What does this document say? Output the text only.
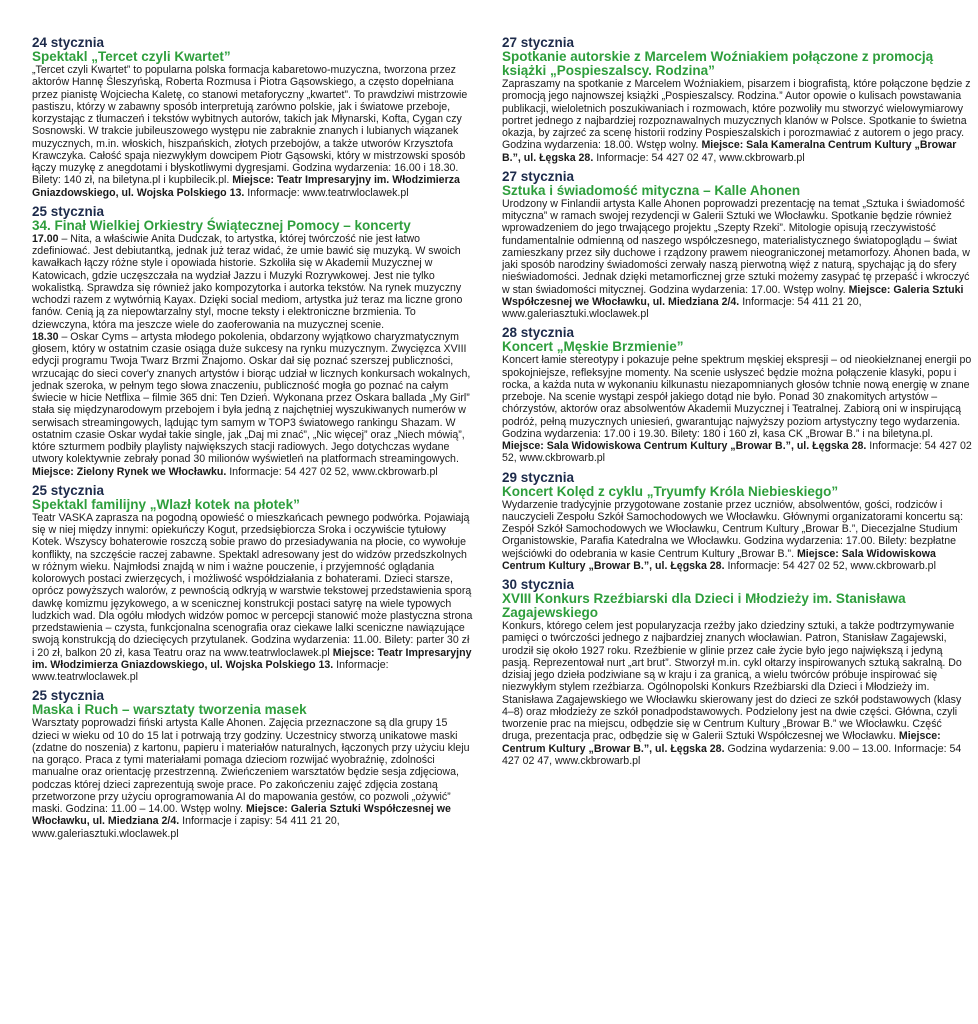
24 stycznia

Spektakl „Tercet czyli Kwartet”

„Tercet czyli Kwartet” to popularna polska formacja kabaretowo-muzyczna, tworzona przez aktorów Hannę Śleszyńską, Roberta Rozmusa i Piotra Gąsowskiego, a często dopełniana przez pianistę Wojciecha Kaletę, co stanowi metaforyczny „kwartet”. To prawdziwi mistrzowie pastiszu, którzy w zabawny sposób interpretują zarówno polskie, jak i światowe przeboje, korzystając z tłumaczeń i tekstów wybitnych autorów, takich jak Młynarski, Kofta, Cygan czy Sosnowski. W trakcie jubileuszowego występu nie zabraknie znanych i lubianych wiązanek muzycznych, m.in. włoskich, hiszpańskich, złotych przebojów, a także utworów Krzysztofa Krawczyka. Całość spaja niezwykłym dowcipem Piotr Gąsowski, który w mistrzowski sposób łączy muzykę z anegdotami i błyskotliwymi dygresjami. Godzina wydarzenia: 16.00 i 18.30. Bilety: 140 zł, na biletyna.pl i kupbilecik.pl. Miejsce: Teatr Impresaryjny im. Włodzimierza Gniazdowskiego, ul. Wojska Polskiego 13. Informacje: www.teatrwloclawek.pl

25 stycznia

34. Finał Wielkiej Orkiestry Świątecznej Pomocy – koncerty

17.00 – Nita, a właściwie Anita Dudczak, to artystka, której twórczość nie jest łatwo zdefiniować. Jest debiutantką, jednak już teraz widać, że umie bawić się muzyką. W swoich kawałkach łączy różne style i opowiada historie. Szkoliła się w Akademii Muzycznej w Katowicach, gdzie uczęszczała na wydział Jazzu i Muzyki Rozrywkowej. Jest nie tylko wokalistką. Sprawdza się również jako kompozytorka i autorka tekstów. Na rynek muzyczny wchodzi razem z wytwórnią Kayax. Dzięki social mediom, artystka już teraz ma liczne grono fanów. Cenią ją za niepowtarzalny styl, mocne teksty i elektroniczne brzmienia. To dziewczyna, która ma jeszcze wiele do zaoferowania na muzycznej scenie.
18.30 – Oskar Cyms – artysta młodego pokolenia, obdarzony wyjątkowo charyzmatycznym głosem, który w ostatnim czasie osiąga duże sukcesy na rynku muzycznym. Zwycięzca XVIII edycji programu Twoja Twarz Brzmi Znajomo. Oskar dał się poznać szerszej publiczności, wrzucając do sieci cover'y znanych artystów i biorąc udział w licznych konkursach wokalnych, jednak szeroka, w pełnym tego słowa znaczeniu, publiczność mogła go poznać na całym świecie w hicie Netflixa – filmie 365 dni: Ten Dzień. Wykonana przez Oskara ballada „My Girl” stała się międzynarodowym przebojem i była jedną z najchętniej wyszukiwanych numerów w serwisach streamingowych, lądując tym samym w TOP3 światowego rankingu Shazam. W ostatnim czasie Oskar wydał takie single, jak „Daj mi znać”, „Nic więcej” oraz „Niech mówią”, które szturmem podbiły playlisty największych stacji radiowych. Jego dotychczas wydane utwory kolektywnie zebrały ponad 30 milionów wyświetleń na platformach streamingowych.
Miejsce: Zielony Rynek we Włocławku. Informacje: 54 427 02 52, www.ckbrowarb.pl

25 stycznia

Spektakl familijny „Wlazł kotek na płotek”

Teatr VASKA zaprasza na pogodną opowieść o mieszkańcach pewnego podwórka. Pojawiają się w niej między innymi: opiekuńczy Kogut, przedsiębiorcza Sroka i oczywiście tytułowy Kotek. Wszyscy bohaterowie roszczą sobie prawo do przesiadywania na płocie, co wywołuje konflikty, na szczęście raczej zabawne. Spektakl adresowany jest do widzów przedszkolnych w różnym wieku. Najmłodsi znajdą w nim i ważne pouczenie, i przyjemność oglądania kolorowych postaci zwierzęcych, i możliwość współdziałania z bohaterami. Dzieci starsze, oprócz powyższych walorów, z pewnością odkryją w warstwie tekstowej przedstawienia sporą dawkę komizmu językowego, a w scenicznej konstrukcji postaci satyrę na wiele typowych ludzkich wad. Dla ogółu młodych widzów pomoc w percepcji stanowić może plastyczna strona przedstawienia – czysta, funkcjonalna scenografia oraz ciekawe lalki sceniczne nawiązujące swoją konstrukcją do dziecięcych przytulanek. Godzina wydarzenia: 11.00. Bilety: parter 30 zł i 20 zł, balkon 20 zł, kasa Teatru oraz na www.teatrwloclawek.pl Miejsce: Teatr Impresaryjny im. Włodzimierza Gniazdowskiego, ul. Wojska Polskiego 13. Informacje: www.teatrwloclawek.pl

25 stycznia

Maska i Ruch – warsztaty tworzenia masek

Warsztaty poprowadzi fiński artysta Kalle Ahonen. Zajęcia przeznaczone są dla grupy 15 dzieci w wieku od 10 do 15 lat i potrwają trzy godziny. Uczestnicy stworzą unikatowe maski (zdatne do noszenia) z kartonu, papieru i materiałów naturalnych, łączonych przy użyciu kleju na gorąco. Praca z tymi materiałami pomaga dzieciom rozwijać wyobraźnię, zdolności manualne oraz orientację przestrzenną. Zwieńczeniem warsztatów będzie sesja zdjęciowa, podczas której dzieci zaprezentują swoje prace. Po zakończeniu zajęć zdjęcia zostaną przetworzone przy użyciu oprogramowania AI do mapowania gestów, co pozwoli „ożywić” maski. Godzina: 11.00 – 14.00. Wstęp wolny. Miejsce: Galeria Sztuki Współczesnej we Włocławku, ul. Miedziana 2/4. Informacje i zapisy: 54 411 21 20, www.galeriasztuki.wloclawek.pl

27 stycznia

Spotkanie autorskie z Marcelem Woźniakiem połączone z promocją książki „Pospieszalscy. Rodzina”

Zapraszamy na spotkanie z Marcelem Woźniakiem, pisarzem i biografistą, które połączone będzie z promocją jego najnowszej książki „Pospieszalscy. Rodzina.” Autor opowie o kulisach powstawania publikacji, wieloletnich poszukiwaniach i rozmowach, które pozwoliły mu stworzyć wielowymiarowy portret jednego z najbardziej rozpoznawalnych muzycznych klanów w Polsce. Spotkanie to świetna okazja, by zajrzeć za scenę historii rodziny Pospieszalskich i porozmawiać z autorem o jego pracy. Godzina wydarzenia: 18.00. Wstęp wolny. Miejsce: Sala Kameralna Centrum Kultury „Browar B.”, ul. Łęgska 28. Informacje: 54 427 02 47, www.ckbrowarb.pl

27 stycznia

Sztuka i świadomość mityczna – Kalle Ahonen

Urodzony w Finlandii artysta Kalle Ahonen poprowadzi prezentację na temat „Sztuka i świadomość mityczna” w ramach swojej rezydencji w Galerii Sztuki we Włocławku. Spotkanie będzie również wprowadzeniem do jego trwającego projektu „Szepty Rzeki”. Mitologie opisują rzeczywistość fundamentalnie odmienną od naszego współczesnego, materialistycznego światopoglądu – świat zamieszkany przez siły duchowe i rządzony prawem nieograniczonej metamorfozy. Ahonen bada, w jaki sposób narodziny świadomości zerwały naszą pierwotną więź z naturą, spychając ją do sfery nieświadomości. Jednak dzięki metamorficznej grze sztuki możemy zasypać tę przepaść i wkroczyć w stan świadomości mitycznej. Godzina wydarzenia: 17.00. Wstęp wolny. Miejsce: Galeria Sztuki Współczesnej we Włocławku, ul. Miedziana 2/4. Informacje: 54 411 21 20, www.galeriasztuki.wloclawek.pl

28 stycznia

Koncert „Męskie Brzmienie”

Koncert łamie stereotypy i pokazuje pełne spektrum męskiej ekspresji – od nieokiełznanej energii po spokojniejsze, refleksyjne momenty. Na scenie usłyszeć będzie można połączenie klasyki, popu i rocka, a każda nuta w wykonaniu kilkunastu niezapomnianych głosów tchnie nową energię w znane przeboje. Na scenie wystąpi zespół jakiego dotąd nie było. Ponad 30 znakomitych artystów – chórzystów, aktorów oraz absolwentów Akademii Muzycznej i Teatralnej. Zabiorą oni w inspirującą podróż, pełną muzycznych uniesień, gwarantując najwyższy poziom artystyczny tego wydarzenia. Godzina wydarzenia: 17.00 i 19.30. Bilety: 180 i 160 zł, kasa CK „Browar B.” i na biletyna.pl. Miejsce: Sala Widowiskowa Centrum Kultury „Browar B.”, ul. Łęgska 28. Informacje: 54 427 02 52, www.ckbrowarb.pl

29 stycznia

Koncert Kolęd z cyklu „Tryumfy Króla Niebieskiego”

Wydarzenie tradycyjnie przygotowane zostanie przez uczniów, absolwentów, gości, rodziców i nauczycieli Zespołu Szkół Samochodowych we Włocławku. Głównymi organizatorami koncertu są: Zespół Szkół Samochodowych we Włocławku, Centrum Kultury „Browar B.”, Diecezjalne Studium Organistowskie, Parafia Katedralna we Włocławku. Godzina wydarzenia: 17.00. Bilety: bezpłatne wejściówki do odebrania w kasie Centrum Kultury „Browar B.”. Miejsce: Sala Widowiskowa Centrum Kultury „Browar B.”, ul. Łęgska 28. Informacje: 54 427 02 52, www.ckbrowarb.pl

30 stycznia

XVIII Konkurs Rzeźbiarski dla Dzieci i Młodzieży im. Stanisława Zagajewskiego

Konkurs, którego celem jest popularyzacja rzeźby jako dziedziny sztuki, a także podtrzymywanie pamięci o twórczości jednego z najbardziej znanych włocławian. Patron, Stanisław Zagajewski, urodził się około 1927 roku. Rzeźbienie w glinie przez całe życie było jego największą i jedyną pasją. Reprezentował nurt „art brut”. Stworzył m.in. cykl ołtarzy inspirowanych sztuką sakralną. Do dzisiaj jego dzieła podziwiane są w kraju i za granicą, a wielu twórców próbuje inspirować się niezwykłym stylem rzeźbiarza. Ogólnopolski Konkurs Rzeźbiarski dla Dzieci i Młodzieży im. Stanisława Zagajewskiego we Włocławku skierowany jest do dzieci ze szkół podstawowych (klasy 4–8) oraz młodzieży ze szkół ponadpodstawowych. Podzielony jest na dwie części. Główna, czyli tworzenie prac na miejscu, odbędzie się w Centrum Kultury „Browar B.” we Włocławku. Część druga, prezentacja prac, odbędzie się w Galerii Sztuki Współczesnej we Włocławku. Miejsce: Centrum Kultury „Browar B.”, ul. Łęgska 28. Godzina wydarzenia: 9.00 – 13.00. Informacje: 54 427 02 47, www.ckbrowarb.pl
